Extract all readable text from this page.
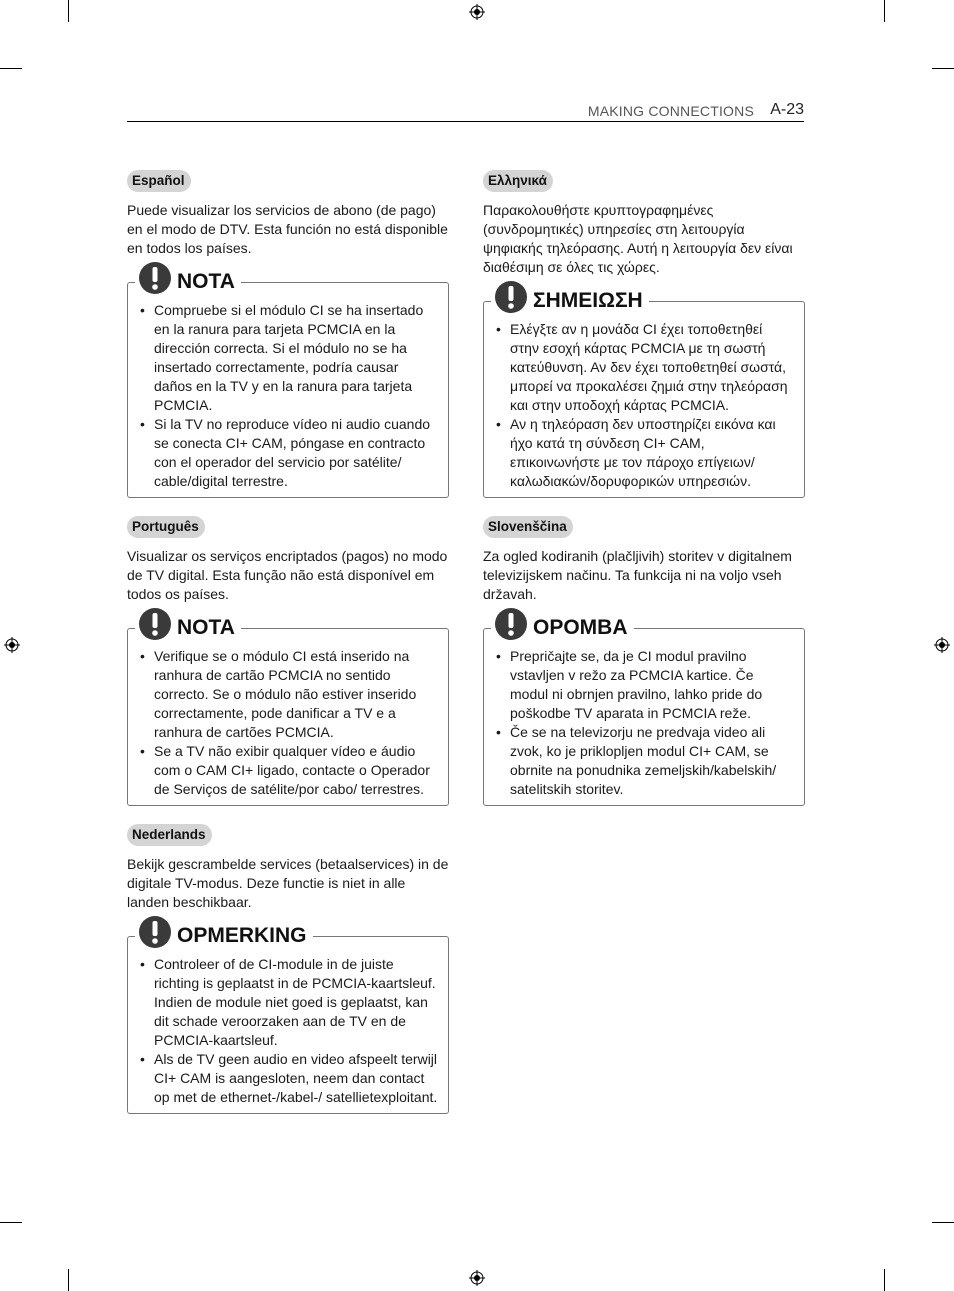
MAKING CONNECTIONS A-23
Español

Puede visualizar los servicios de abono (de pago) en el modo de DTV. Esta función no está disponible en todos los países.

NOTA
• Compruebe si el módulo CI se ha insertado en la ranura para tarjeta PCMCIA en la dirección correcta. Si el módulo no se ha insertado correctamente, podría causar daños en la TV y en la ranura para tarjeta PCMCIA.
• Si la TV no reproduce vídeo ni audio cuando se conecta CI+ CAM, póngase en contracto con el operador del servicio por satélite/ cable/digital terrestre.
Português

Visualizar os serviços encriptados (pagos) no modo de TV digital. Esta função não está disponível em todos os países.

NOTA
• Verifique se o módulo CI está inserido na ranhura de cartão PCMCIA no sentido correcto. Se o módulo não estiver inserido correctamente, pode danificar a TV e a ranhura de cartões PCMCIA.
• Se a TV não exibir qualquer vídeo e áudio com o CAM CI+ ligado, contacte o Operador de Serviços de satélite/por cabo/ terrestres.
Nederlands

Bekijk gescrambelde services (betaalservices) in de digitale TV-modus. Deze functie is niet in alle landen beschikbaar.

OPMERKING
• Controleer of de CI-module in de juiste richting is geplaatst in de PCMCIA-kaartsleuf. Indien de module niet goed is geplaatst, kan dit schade veroorzaken aan de TV en de PCMCIA-kaartsleuf.
• Als de TV geen audio en video afspeelt terwijl CI+ CAM is aangesloten, neem dan contact op met de ethernet-/kabel-/ satellietexploitant.
Ελληνικά

Παρακολουθήστε κρυπτογραφημένες (συνδρομητικές) υπηρεσίες στη λειτουργία ψηφιακής τηλεόρασης. Αυτή η λειτουργία δεν είναι διαθέσιμη σε όλες τις χώρες.

ΣΗΜΕΙΩΣΗ
• Ελέγξτε αν η μονάδα CI έχει τοποθετηθεί στην εσοχή κάρτας PCMCIA με τη σωστή κατεύθυνση. Αν δεν έχει τοποθετηθεί σωστά, μπορεί να προκαλέσει ζημιά στην τηλεόραση και στην υποδοχή κάρτας PCMCIA.
• Αν η τηλεόραση δεν υποστηρίζει εικόνα και ήχο κατά τη σύνδεση CI+ CAM, επικοινωνήστε με τον πάροχο επίγειων/ καλωδιακών/δορυφορικών υπηρεσιών.
Slovenščina

Za ogled kodiranih (plačljivih) storitev v digitalnem televizijskem načinu. Ta funkcija ni na voljo vseh državah.

OPOMBA
• Prepričajte se, da je CI modul pravilno vstavljen v režo za PCMCIA kartice. Če modul ni obrnjen pravilno, lahko pride do poškodbe TV aparata in PCMCIA reže.
• Če se na televizorju ne predvaja video ali zvok, ko je priklopljen modul CI+ CAM, se obrnite na ponudnika zemeljskih/kabelskih/ satelitskih storitev.
